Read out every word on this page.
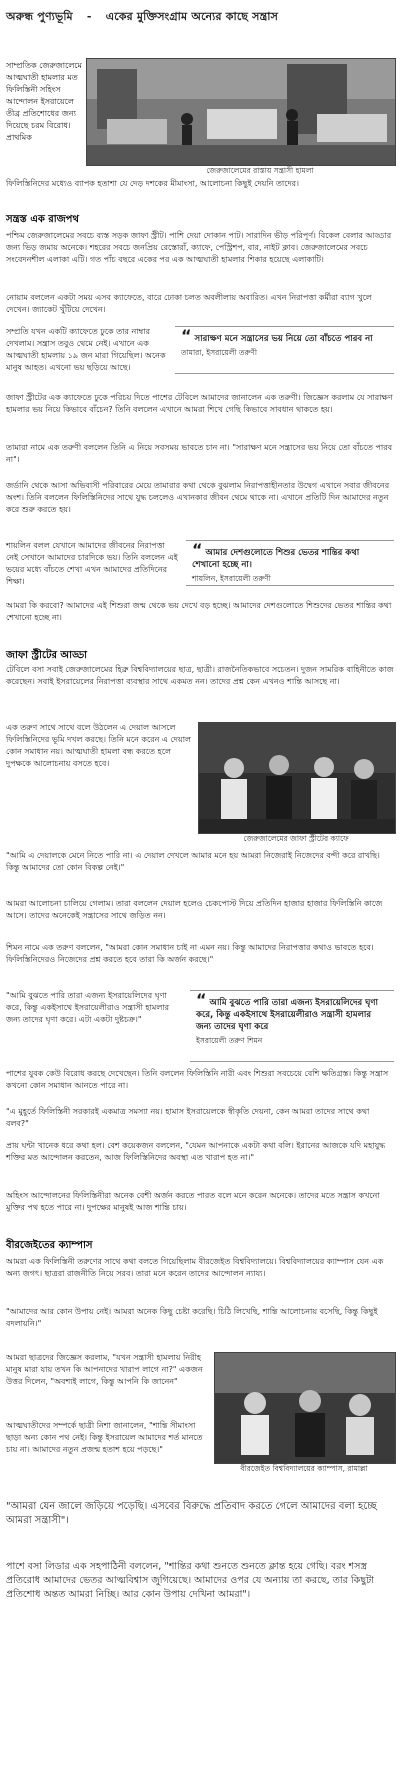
অরুন্ধ পুণ্যভূমি - একের মুক্তিসংগ্রাম অন্যের কাছে সন্ত্রাস
সাম্প্রতিক জেরুজালেমে আত্মঘাতী হামলার মত ফিলিস্তিনী সহিংস আন্দোলন ইসরায়েলে তীব্র প্রতিশোধের জন্য দিয়েছে চরম বিরোধ। প্রাথমিক
জেরুজালেমের রাস্তায় সন্ত্রাসী হামলা
ফিলিস্তিনিদের মধ্যেও ব্যাপক হতাশা যে দেড় দশকের মীমাংসা, আলোচনা কিছুই দেয়নি তাদের।
সন্ত্রস্ত এক রাজপথ
পশ্চিম জেরুজালেমের সবচে ব্যস্ত সড়ক জাফা স্ট্রীট। পাশি দেয়া দোকান পাট। সারাদিন ভীড় পরিপূর্ণ। বিকেল বেলার আড্ডার জন্য ভিড় জমায় অনেকে। শহরের সবচে জনপ্রিয় রেস্তোরাঁ, ক্যাফে, পেস্ট্রিশপ, বার, নাইট ক্লাব। জেরুজালেমের সবচে সংবেদনশীল এলাকা এটি। গত পাঁচ বছরে একের পর এক আত্মঘাতী হামলার শিকার হয়েছে এলাকাটি।
নোয়াম বললেন একটা সময় এসব ক্যাফেতে, বারে ঢোকা চলত অবলীলায় অবারিত। এখন নিরাপত্তা কর্মীরা ব্যাগ খুলে দেখেন। জ্যাকেট খুঁটিয়ে দেখেন।
সম্প্রতি যখন একটি ক্যাফেতে ঢুকে তার নাম্বার দেখলাম। সন্ত্রাস তবুও থেমে নেই। এখানে এক আত্মঘাতী হামলায় ১৯ জন মারা গিয়েছিল। অনেক মানুষ আহত। এখনো ভয় ছড়িয়ে আছে।
“ সারাক্ষণ মনে সন্ত্রাসের ভয় নিয়ে তো বাঁচতে পারব না
তামারা, ইসরায়েলী তরুণী
জাফা স্ট্রীটের এক ক্যাফেতে ঢুকে পরিচয় দিতে পাশের টেবিলে আমাদের জানালেন এক তরুণী। জিজ্ঞেস করলাম যে সারাক্ষণ হামলার ভয় নিয়ে কিভাবে বাঁচেন? তিনি বললেন এখানে আমরা শিখে গেছি কিভাবে সাবধান থাকতে হয়।
তামারা নামে এক তরুণী বললেন তিনি এ নিয়ে সবসময় ভাবতে চান না। "সারাক্ষণ মনে সন্ত্রাসের ভয় নিয়ে তো বাঁচতে পারব না"।
জর্ডানি থেকে আসা অভিবাসী পরিবারের মেয়ে তামারার কথা থেকে বুঝলাম নিরাপত্তাহীনতার উদ্বেগ এখানে সবার জীবনের অংশ। তিনি বললেন ফিলিস্তিনিদের সাথে যুদ্ধ চললেও এখানকার জীবন থেমে থাকে না। এখানে প্রতিটি দিন আমাদের নতুন করে শুরু করতে হয়।
শায়লিন বলল যেখানে আমাদের জীবনের নিরাপত্তা নেই সেখানে আমাদের চারদিকে ভয়। তিনি বললেন এই ভয়ের মধ্যে বাঁচতে শেখা এখন আমাদের প্রতিদিনের শিক্ষা।
“ আমার দেশগুলোতে শিশুর ভেতর শান্তির কথা শেখানো হচ্ছে না।
শায়লিন, ইসরায়েলী তরুণী
আমরা কি করবো? আমাদের এই শিশুরা জন্ম থেকে ভয় দেখে বড় হচ্ছে। আমাদের দেশগুলোতে শিশুদের ভেতর শান্তির কথা শেখানো হচ্ছে না।
জাফা স্ট্রীটের আড্ডা
টেবিলে বসা সবাই জেরুজালেমের হিব্রু বিশ্ববিদ্যালয়ের ছাত্র, ছাত্রী। রাজনৈতিকভাবে সচেতন। দুজন সামরিক বাহিনীতে কাজ করেছেন। সবাই ইসরায়েলের নিরাপত্তা ব্যবস্থার সাথে একমত নন। তাদের প্রশ্ন কেন এখনও শান্তি আসছে না।
এক তরুণ সাথে সাথে বলে উঠলেন এ দেয়াল আসলে ফিলিস্তিনিদের ভূমি দখল করছে। তিনি মনে করেন এ দেয়াল কোন সমাধান নয়। আত্মঘাতী হামলা বন্ধ করতে হলে দুপক্ষকে আলোচনায় বসতে হবে।
জেরুজালেমের জাফা স্ট্রীটের ক্যাফে
"আমি এ দেয়ালকে মেনে নিতে পারি না। এ দেয়াল দেখলে আমার মনে হয় আমরা নিজেরাই নিজেদের বন্দী করে রাখছি। কিন্তু আমাদের তো কোন বিকল্প নেই।"
আমরা আলোচনা চালিয়ে গেলাম। তারা বললেন দেয়াল হলেও চেকপোস্ট দিয়ে প্রতিদিন হাজার হাজার ফিলিস্তিনি কাজে আসে। তাদের অনেকেই সন্ত্রাসের সাথে জড়িত নন।
শিমন নামে এক তরুণ বললেন, "আমরা কোন সমাধান চাই না এমন নয়। কিন্তু আমাদের নিরাপত্তার কথাও ভাবতে হবে। ফিলিস্তিনিদেরও নিজেদের প্রশ্ন করতে হবে তারা কি অর্জন করছে।"
"আমি বুঝতে পারি তারা এজন্য ইসরায়েলিদের ঘৃণা করে, কিন্তু একইসাথে ইসরায়েলীরাও সন্ত্রাসী হামলার জন্য তাদের ঘৃণা করে। এটা একটা দুষ্টচক্র।"
“ আমি বুঝতে পারি তারা এজন্য ইসরায়েলিদের ঘৃণা করে, কিন্তু একইসাথে ইসরায়েলীরাও সন্ত্রাসী হামলার জন্য তাদের ঘৃণা করে
ইসরায়েলী তরুণ শিমন
পাশের যুবক কেউ বিরোধ করছে দেখেছেন। তিনি বললেন ফিলিস্তিনি নারী এবং শিশুরা সবচেয়ে বেশি ক্ষতিগ্রস্ত। কিন্তু সন্ত্রাস কখনো কোন সমাধান আনতে পারে না।
"এ মুহূর্তে ফিলিস্তিনী সরকারই একমাত্র সমস্যা নয়। হামাস ইসরায়েলকে স্বীকৃতি দেয়না, কেন আমরা তাদের সাথে কথা বলব?"
প্রায় ঘন্টা খানেক ধরে কথা হল। বেশ কয়েকজন বললেন, "যেমন আপনাকে একটা কথা বলি। ইরানের আজকে যদি মহাযুদ্ধ শক্তির মত আন্দোলন করতেন, আজ ফিলিস্তিনিদের অবস্থা এত খারাপ হত না।"
অহিংস আন্দোলনের ফিলিস্তিনীরা অনেক বেশী অর্জন করতে পারত বলে মনে করেন অনেকে। তাদের মতে সন্ত্রাস কখনো মুক্তির পথ হতে পারে না। দুপক্ষের মানুষই আজ শান্তি চায়।
বীরজেইতের ক্যাম্পাস
আমরা এক ফিলিস্তিনী তরুণের সাথে কথা বলতে গিয়েছিলাম বীরজেইত বিশ্ববিদ্যালয়ে। বিশ্ববিদ্যালয়ের ক্যাম্পাস যেন এক অন্য জগৎ। ছাত্ররা রাজনীতি নিয়ে সরব। তারা মনে করেন তাদের আন্দোলন ন্যায্য।
"আমাদের আর কোন উপায় নেই। আমরা অনেক কিছু চেষ্টা করেছি। চিঠি লিখেছি, শান্তি আলোচনায় বসেছি, কিন্তু কিছুই বদলায়নি।"
আমরা ছাত্রদের জিজ্ঞেস করলাম, "যখন সন্ত্রাসী হামলায় নিরীহ মানুষ মারা যায় তখন কি আপনাদের খারাপ লাগে না?" একজন উত্তর দিলেন, "অবশ্যই লাগে, কিন্তু আপনি কি জানেন"
বীরজেইত বিশ্ববিদ্যালয়ের ক্যাম্পাস, রামাল্লা
আত্মঘাতীদের সম্পর্কে ছাত্রী নিশা জানালেন, "শান্তি সীমাংসা ছাড়া অন্য কোন পথ নেই। কিন্তু ইসরায়েল আমাদের শর্ত মানতে চায় না। আমাদের নতুন প্রজন্ম হতাশ হয়ে পড়ছে।"
"আমরা যেন জালে জড়িয়ে পড়েছি। এসবের বিরুদ্ধে প্রতিবাদ করতে গেলে আমাদের বলা হচ্ছে আমরা সন্ত্রাসী"।
পাশে বসা লিডার এক সহপাঠিনী বললেন, "শান্তির কথা শুনতে শুনতে ক্লান্ত হয়ে গেছি। বরং শসস্ত্র প্রতিরোধ আমাদের ভেতর আত্মবিশ্বাস জুগিয়েছে। আমাদের ওপর যে অন্যায় তা করছে, তার কিছুটা প্রতিশোধ অন্তত আমরা নিচ্ছি। আর কোন উপায় দেখিনা আমরা"।
